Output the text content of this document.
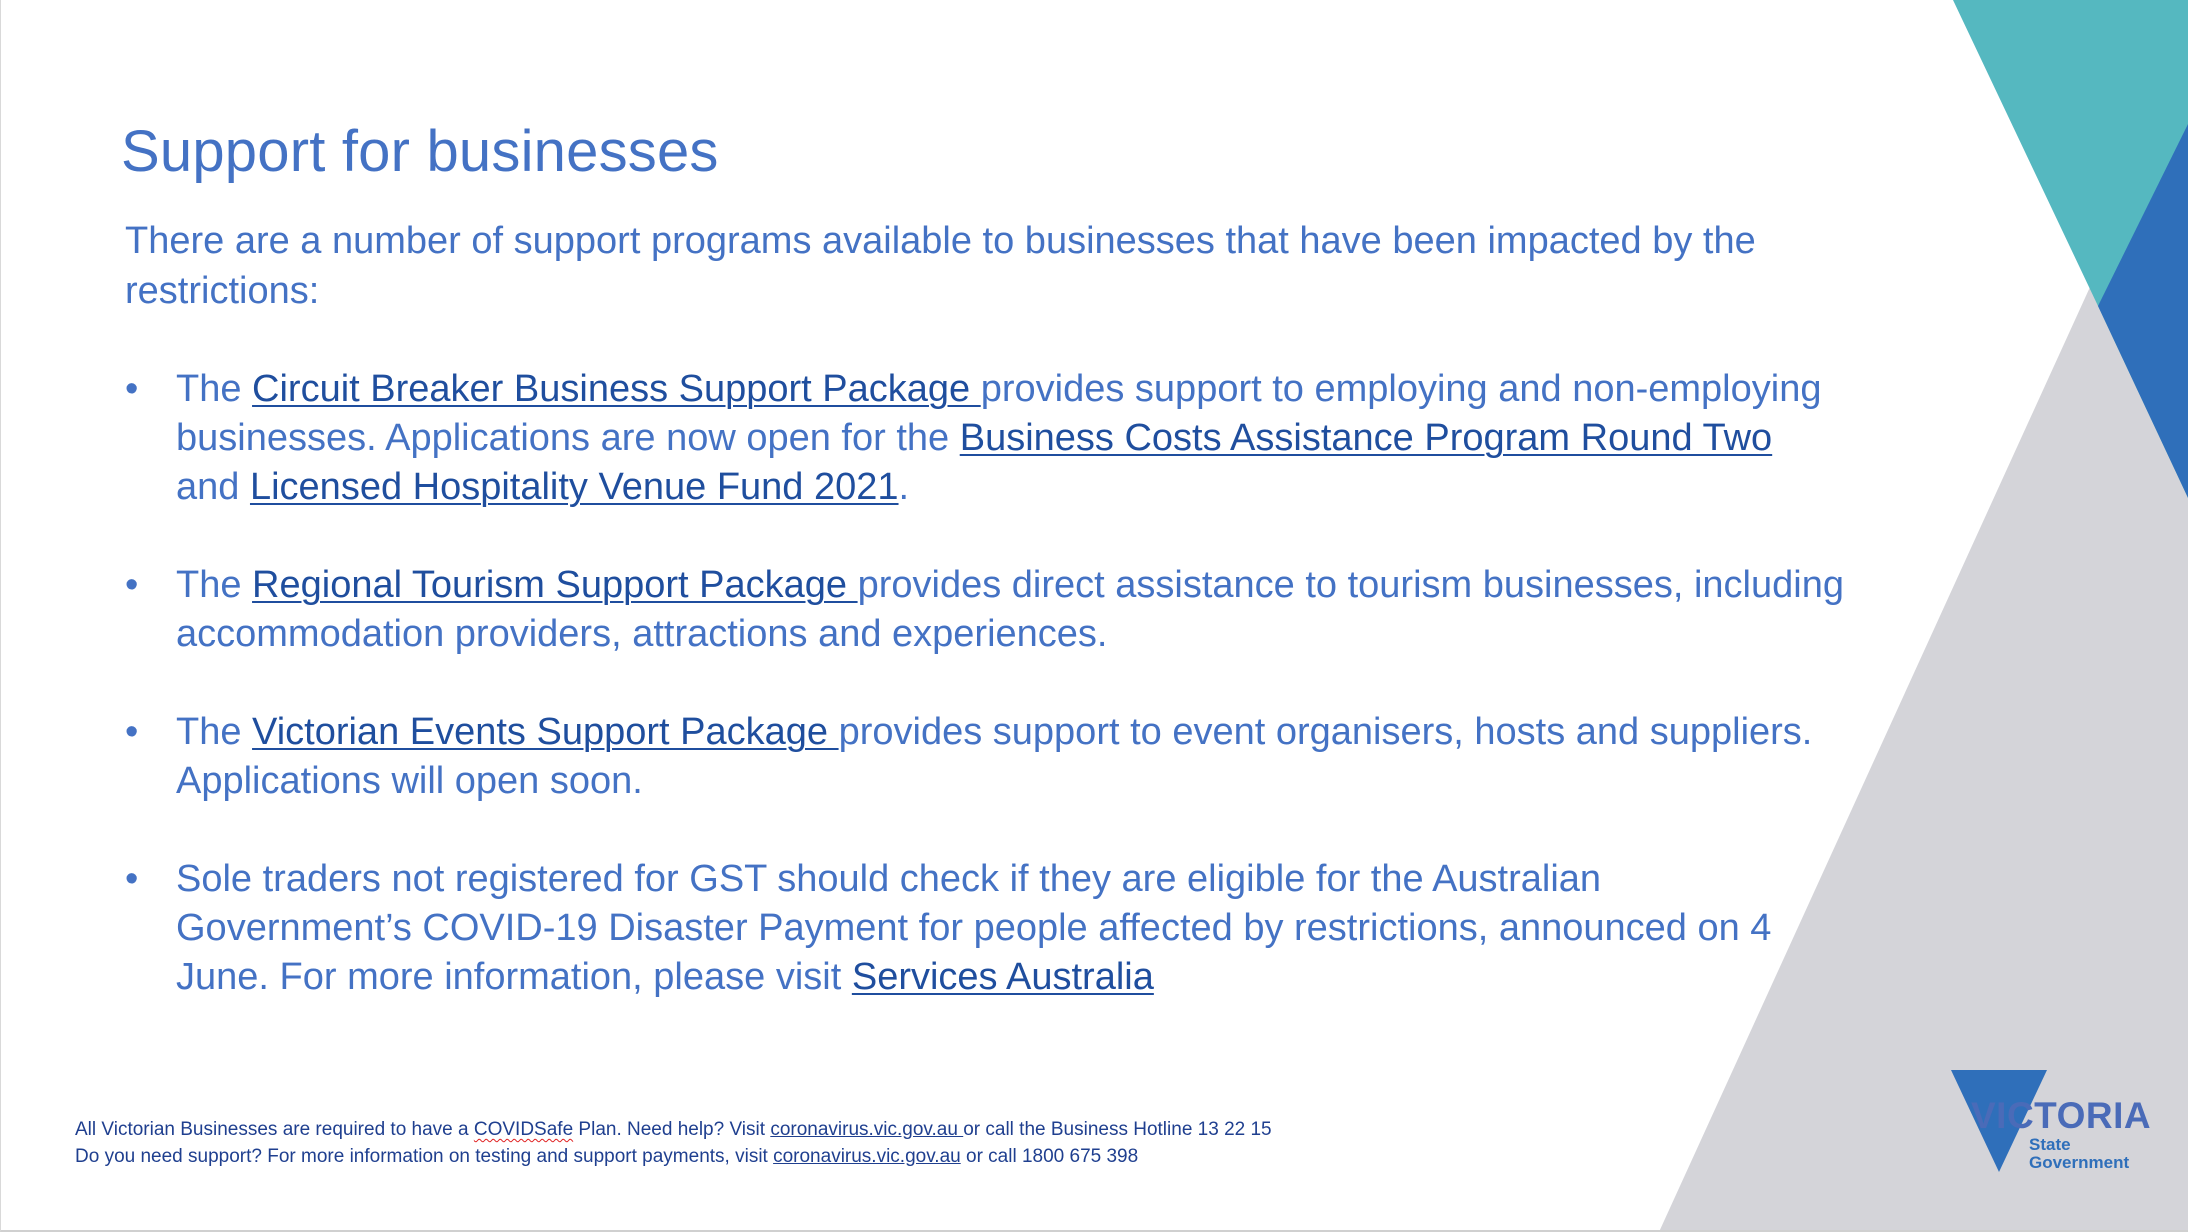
Support for businesses

There are a number of support programs available to businesses that have been impacted by the restrictions:

• The Circuit Breaker Business Support Package provides support to employing and non-employing businesses. Applications are now open for the Business Costs Assistance Program Round Two and Licensed Hospitality Venue Fund 2021.
• The Regional Tourism Support Package provides direct assistance to tourism businesses, including accommodation providers, attractions and experiences.
• The Victorian Events Support Package provides support to event organisers, hosts and suppliers. Applications will open soon.
• Sole traders not registered for GST should check if they are eligible for the Australian Government’s COVID-19 Disaster Payment for people affected by restrictions, announced on 4 June. For more information, please visit Services Australia
All Victorian Businesses are required to have a COVIDSafe Plan. Need help? Visit coronavirus.vic.gov.au or call the Business Hotline 13 22 15
Do you need support? For more information on testing and support payments, visit coronavirus.vic.gov.au or call 1800 675 398
VICTORIA
State
Government
